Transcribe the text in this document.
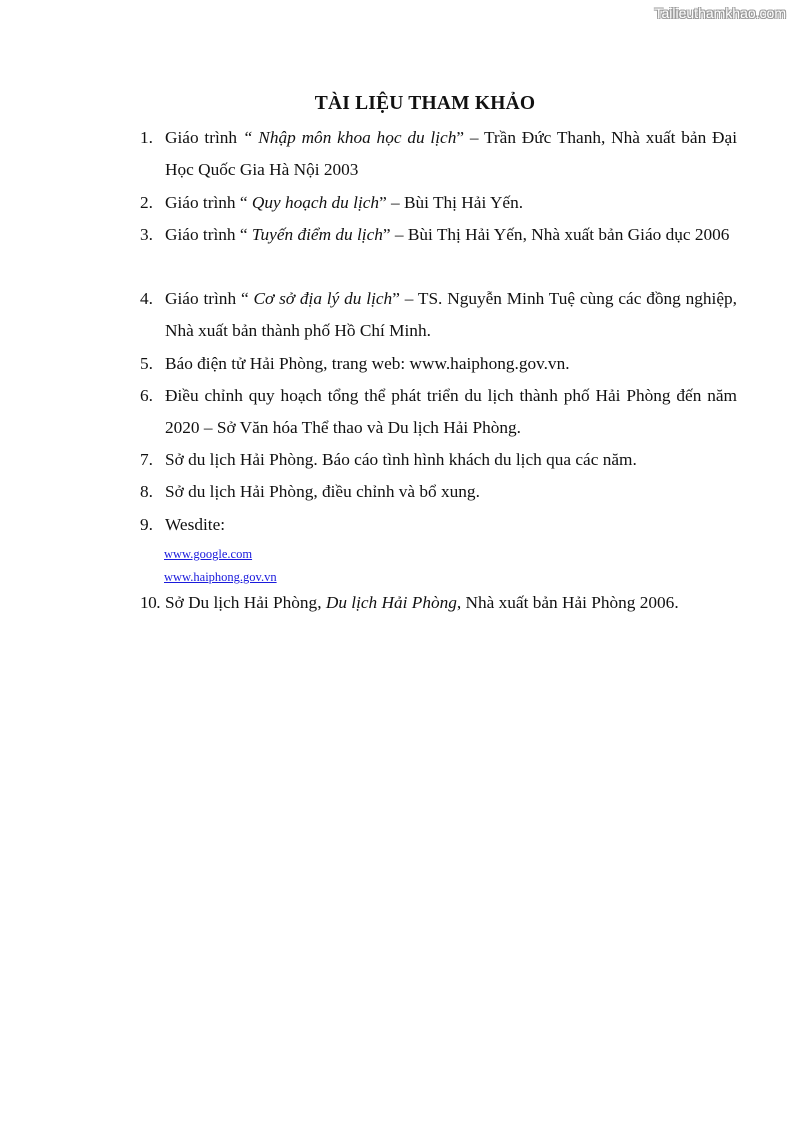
Tailieuthamkhao.com
TÀI LIỆU THAM KHẢO
1. Giáo trình “ Nhập môn khoa học du lịch” – Trần Đức Thanh, Nhà xuất bản Đại Học Quốc Gia Hà Nội 2003
2. Giáo trình “ Quy hoạch du lịch” – Bùi Thị Hải Yến.
3. Giáo trình “ Tuyến điểm du lịch” – Bùi Thị Hải Yến, Nhà xuất bản Giáo dục 2006
4. Giáo trình “ Cơ sở địa lý du lịch” – TS. Nguyễn Minh Tuệ cùng các đồng nghiệp, Nhà xuất bản thành phố Hồ Chí Minh.
5. Báo điện tử Hải Phòng, trang web: www.haiphong.gov.vn.
6. Điều chỉnh quy hoạch tổng thể phát triển du lịch thành phố Hải Phòng đến năm 2020 – Sở Văn hóa Thể thao và Du lịch Hải Phòng.
7. Sở du lịch Hải Phòng. Báo cáo tình hình khách du lịch qua các năm.
8. Sở du lịch Hải Phòng, điều chỉnh và bổ xung.
9. Wesdite:
www.google.com
www.haiphong.gov.vn
10. Sở Du lịch Hải Phòng, Du lịch Hải Phòng, Nhà xuất bản Hải Phòng 2006.
